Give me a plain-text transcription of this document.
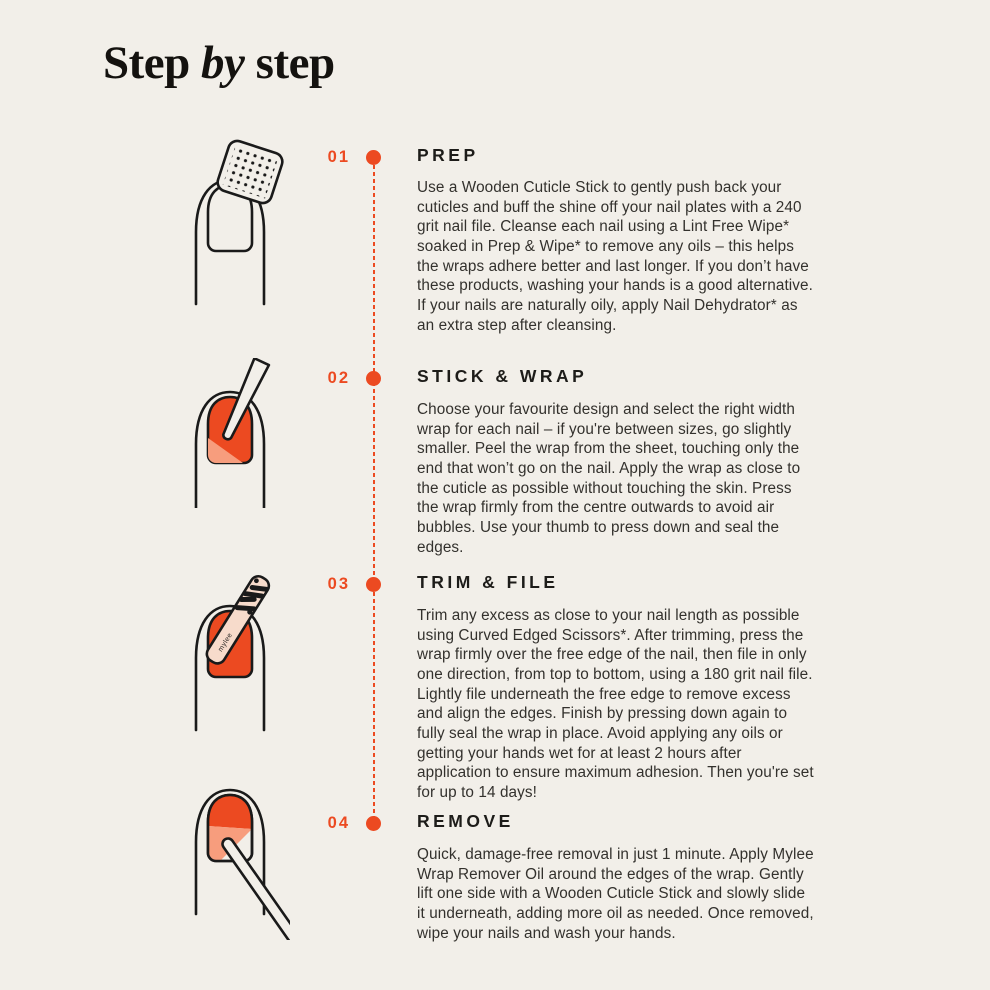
Step by step

01	PREP

Use a Wooden Cuticle Stick to gently push back your cuticles and buff the shine off your nail plates with a 240 grit nail file. Cleanse each nail using a Lint Free Wipe* soaked in Prep & Wipe* to remove any oils – this helps the wraps adhere better and last longer. If you don’t have these products, washing your hands is a good alternative. If your nails are naturally oily, apply Nail Dehydrator* as an extra step after cleansing.

02	STICK & WRAP

Choose your favourite design and select the right width wrap for each nail – if you're between sizes, go slightly smaller. Peel the wrap from the sheet, touching only the end that won’t go on the nail. Apply the wrap as close to the cuticle as possible without touching the skin. Press the wrap firmly from the centre outwards to avoid air bubbles. Use your thumb to press down and seal the edges.

mylee

03	TRIM & FILE

Trim any excess as close to your nail length as possible using Curved Edged Scissors*. After trimming, press the wrap firmly over the free edge of the nail, then file in only one direction, from top to bottom, using a 180 grit nail file. Lightly file underneath the free edge to remove excess and align the edges. Finish by pressing down again to fully seal the wrap in place. Avoid applying any oils or getting your hands wet for at least 2 hours after application to ensure maximum adhesion. Then you're set for up to 14 days!

04	REMOVE

Quick, damage-free removal in just 1 minute. Apply Mylee Wrap Remover Oil around the edges of the wrap. Gently lift one side with a Wooden Cuticle Stick and slowly slide it underneath, adding more oil as needed. Once removed, wipe your nails and wash your hands.
